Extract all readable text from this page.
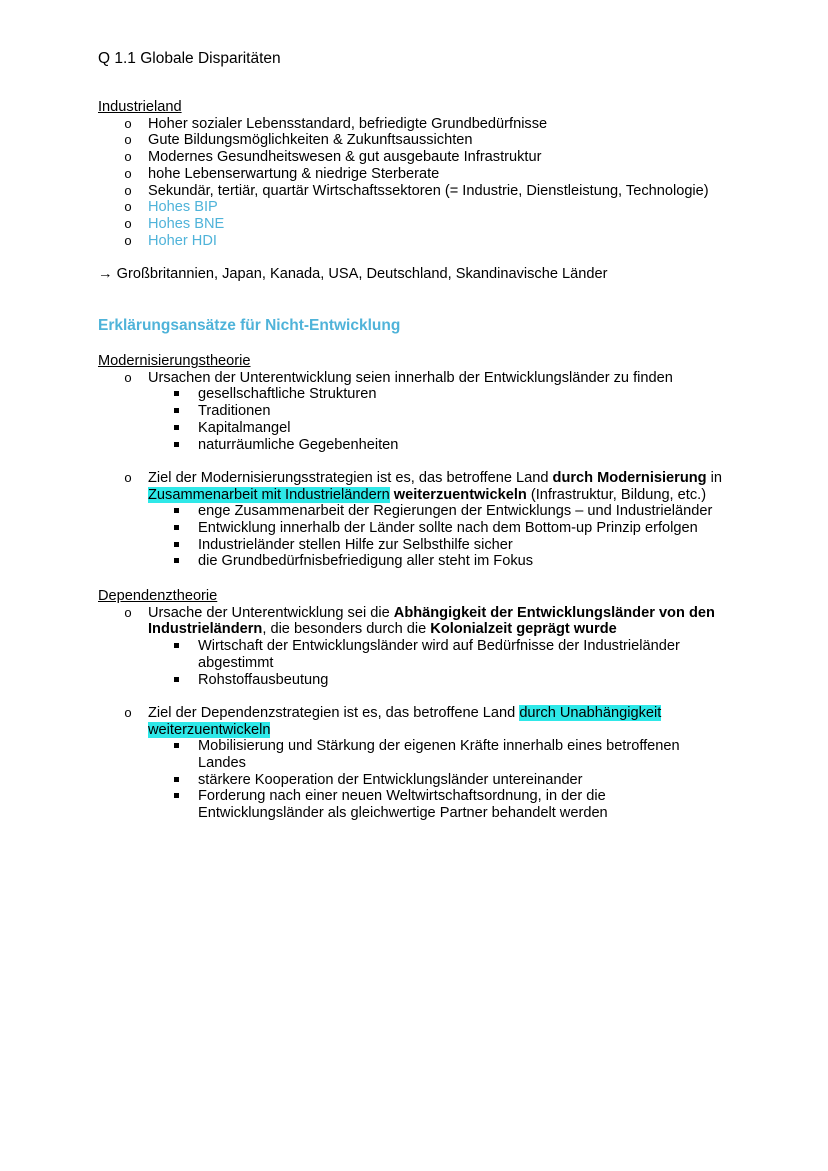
Q 1.1 Globale Disparitäten
Industrieland
o Hoher sozialer Lebensstandard, befriedigte Grundbedürfnisse
o Gute Bildungsmöglichkeiten & Zukunftsaussichten
o Modernes Gesundheitswesen & gut ausgebaute Infrastruktur
o hohe Lebenserwartung & niedrige Sterberate
o Sekundär, tertiär, quartär Wirtschaftssektoren (= Industrie, Dienstleistung, Technologie)
o Hohes BIP
o Hohes BNE
o Hoher HDI
→ Großbritannien, Japan, Kanada, USA, Deutschland, Skandinavische Länder
Erklärungsansätze für Nicht-Entwicklung
Modernisierungstheorie
o Ursachen der Unterentwicklung seien innerhalb der Entwicklungsländer zu finden
gesellschaftliche Strukturen
Traditionen
Kapitalmangel
naturräumliche Gegebenheiten
o Ziel der Modernisierungsstrategien ist es, das betroffene Land durch Modernisierung in Zusammenarbeit mit Industrieländern weiterzuentwickeln (Infrastruktur, Bildung, etc.)
enge Zusammenarbeit der Regierungen der Entwicklungs – und Industrieländer
Entwicklung innerhalb der Länder sollte nach dem Bottom-up Prinzip erfolgen
Industrieländer stellen Hilfe zur Selbsthilfe sicher
die Grundbedürfnisbefriedigung aller steht im Fokus
Dependenztheorie
o Ursache der Unterentwicklung sei die Abhängigkeit der Entwicklungsländer von den Industrieländern, die besonders durch die Kolonialzeit geprägt wurde
Wirtschaft der Entwicklungsländer wird auf Bedürfnisse der Industrieländer abgestimmt
Rohstoffausbeutung
o Ziel der Dependenzstrategien ist es, das betroffene Land durch Unabhängigkeit weiterzuentwickeln
Mobilisierung und Stärkung der eigenen Kräfte innerhalb eines betroffenen Landes
stärkere Kooperation der Entwicklungsländer untereinander
Forderung nach einer neuen Weltwirtschaftsordnung, in der die Entwicklungsländer als gleichwertige Partner behandelt werden
